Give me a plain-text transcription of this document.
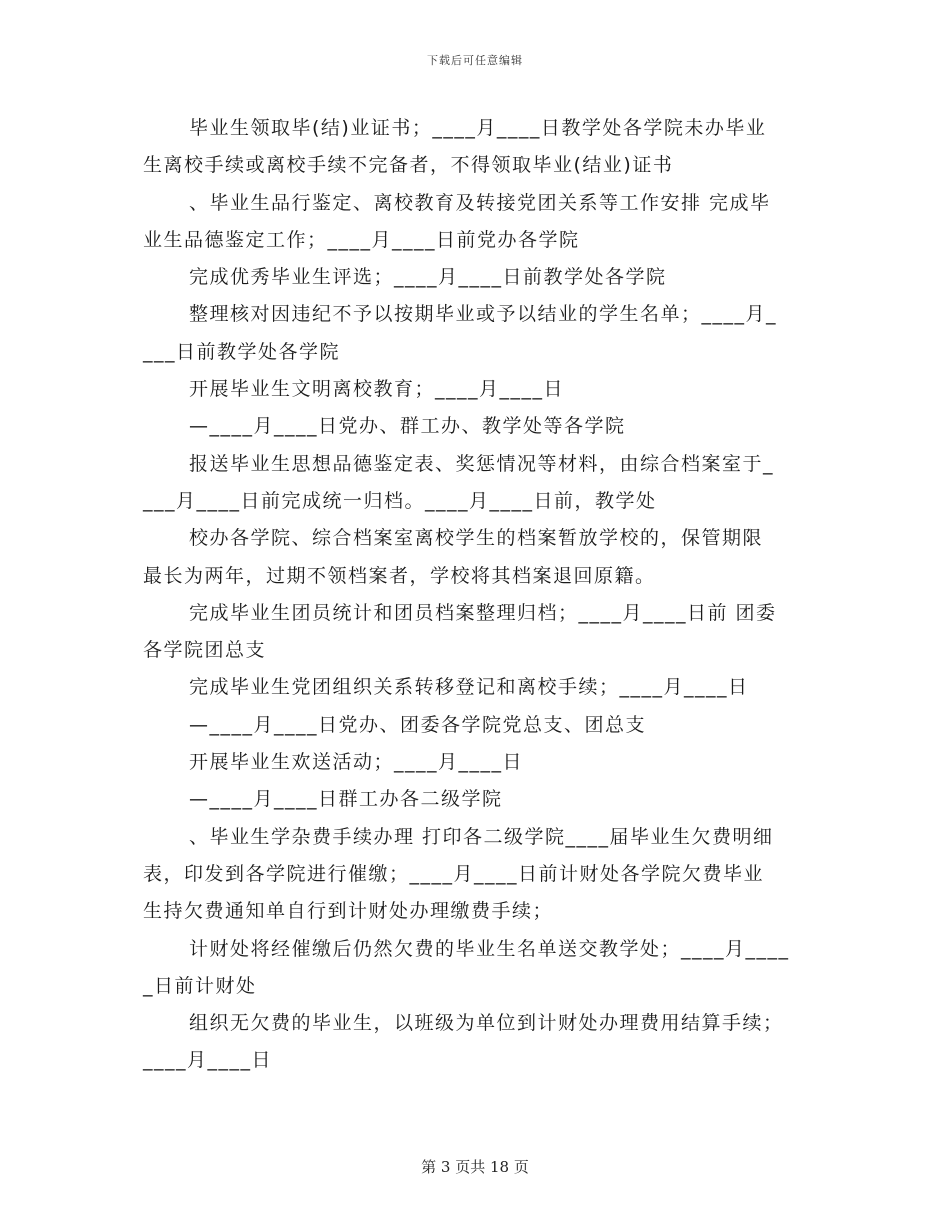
下载后可任意编辑
毕业生领取毕(结)业证书；____月____日教学处各学院未办毕业
生离校手续或离校手续不完备者，不得领取毕业(结业)证书
、毕业生品行鉴定、离校教育及转接党团关系等工作安排 完成毕
业生品德鉴定工作；____月____日前党办各学院
完成优秀毕业生评选；____月____日前教学处各学院
整理核对因违纪不予以按期毕业或予以结业的学生名单；____月_
___日前教学处各学院
开展毕业生文明离校教育；____月____日
—____月____日党办、群工办、教学处等各学院
报送毕业生思想品德鉴定表、奖惩情况等材料，由综合档案室于_
___月____日前完成统一归档。____月____日前，教学处
校办各学院、综合档案室离校学生的档案暂放学校的，保管期限
最长为两年，过期不领档案者，学校将其档案退回原籍。
完成毕业生团员统计和团员档案整理归档；____月____日前 团委
各学院团总支
完成毕业生党团组织关系转移登记和离校手续；____月____日
—____月____日党办、团委各学院党总支、团总支
开展毕业生欢送活动；____月____日
—____月____日群工办各二级学院
、毕业生学杂费手续办理 打印各二级学院____届毕业生欠费明细
表，印发到各学院进行催缴；____月____日前计财处各学院欠费毕业
生持欠费通知单自行到计财处办理缴费手续；
计财处将经催缴后仍然欠费的毕业生名单送交教学处；____月____
_日前计财处
组织无欠费的毕业生，以班级为单位到计财处办理费用结算手续；
____月____日
第 3 页共 18 页
